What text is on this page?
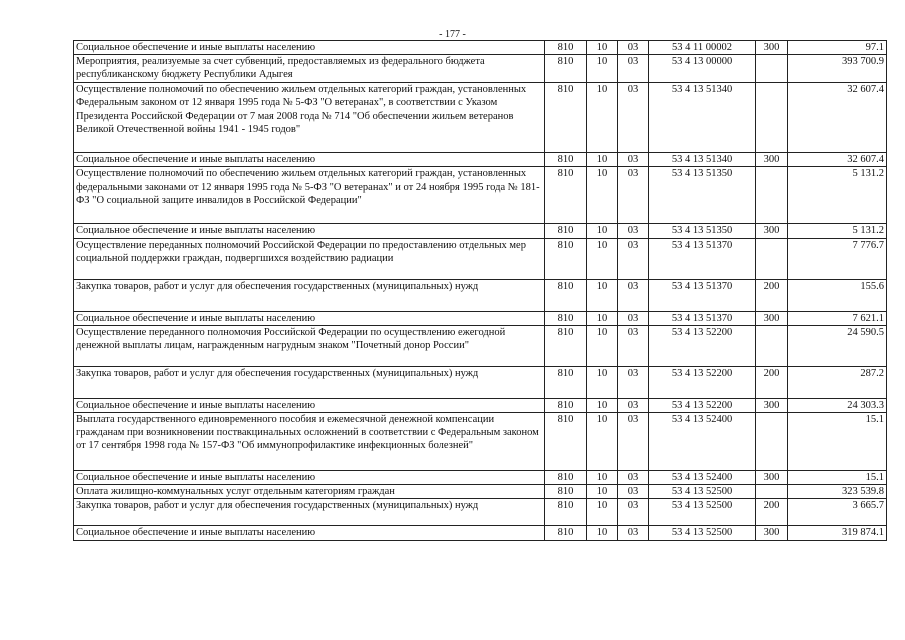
- 177 -
Социальное обеспечение и иные выплаты населению	810	10	03	53 4 11 00002	300	97.1
Мероприятия, реализуемые за счет субвенций, предоставляемых из федерального бюджета республиканскому бюджету Республики Адыгея	810	10	03	53 4 13 00000		393 700.9
Осуществление полномочий по обеспечению жильем отдельных категорий граждан, установленных Федеральным законом от 12 января 1995 года № 5-ФЗ "О ветеранах", в соответствии с Указом Президента Российской Федерации от 7 мая 2008 года № 714 "Об обеспечении жильем ветеранов Великой Отечественной войны 1941 - 1945 годов"	810	10	03	53 4 13 51340		32 607.4
Социальное обеспечение и иные выплаты населению	810	10	03	53 4 13 51340	300	32 607.4
Осуществление полномочий по обеспечению жильем отдельных категорий граждан, установленных федеральными законами от 12 января 1995 года № 5-ФЗ "О ветеранах" и от 24 ноября 1995 года № 181-ФЗ "О социальной защите инвалидов в Российской Федерации"	810	10	03	53 4 13 51350		5 131.2
Социальное обеспечение и иные выплаты населению	810	10	03	53 4 13 51350	300	5 131.2
Осуществление переданных полномочий Российской Федерации по предоставлению отдельных мер социальной поддержки граждан, подвергшихся воздействию радиации	810	10	03	53 4 13 51370		7 776.7
Закупка товаров, работ и услуг для обеспечения государственных (муниципальных) нужд	810	10	03	53 4 13 51370	200	155.6
Социальное обеспечение и иные выплаты населению	810	10	03	53 4 13 51370	300	7 621.1
Осуществление переданного полномочия Российской Федерации по осуществлению ежегодной денежной выплаты лицам, награжденным нагрудным знаком "Почетный донор России"	810	10	03	53 4 13 52200		24 590.5
Закупка товаров, работ и услуг для обеспечения государственных (муниципальных) нужд	810	10	03	53 4 13 52200	200	287.2
Социальное обеспечение и иные выплаты населению	810	10	03	53 4 13 52200	300	24 303.3
Выплата государственного единовременного пособия и ежемесячной денежной компенсации гражданам при возникновении поствакцинальных осложнений в соответствии с Федеральным законом от 17 сентября 1998 года № 157-ФЗ "Об иммунопрофилактике инфекционных болезней"	810	10	03	53 4 13 52400		15.1
Социальное обеспечение и иные выплаты населению	810	10	03	53 4 13 52400	300	15.1
Оплата жилищно-коммунальных услуг отдельным категориям граждан	810	10	03	53 4 13 52500		323 539.8
Закупка товаров, работ и услуг для обеспечения государственных (муниципальных) нужд	810	10	03	53 4 13 52500	200	3 665.7
Социальное обеспечение и иные выплаты населению	810	10	03	53 4 13 52500	300	319 874.1
